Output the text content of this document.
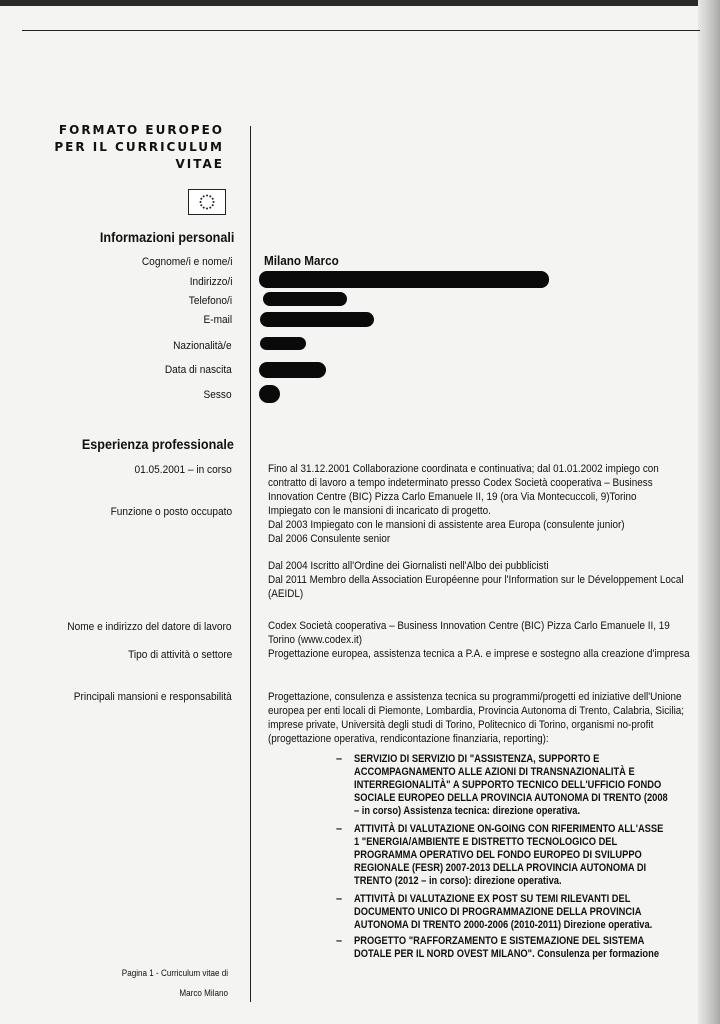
FORMATO EUROPEO
PER IL CURRICULUM
VITAE
Informazioni personali
Cognome/i e nome/i
Indirizzo/i
Telefono/i
E-mail
Nazionalità/e
Data di nascita
Sesso
Milano Marco
Esperienza professionale
01.05.2001 – in corso
Funzione o posto occupato
Nome e indirizzo del datore di lavoro
Tipo di attività o settore
Principali mansioni e responsabilità
Fino al 31.12.2001 Collaborazione coordinata e continuativa; dal 01.01.2002 impiego con
contratto di lavoro a tempo indeterminato presso Codex Società cooperativa – Business
Innovation Centre (BIC) Pizza Carlo Emanuele II, 19 (ora Via Montecuccoli, 9)Torino
Impiegato con le mansioni di incaricato di progetto.
Dal 2003 Impiegato con le mansioni di assistente area Europa (consulente junior)
Dal 2006 Consulente senior
Dal 2004 Iscritto all'Ordine dei Giornalisti nell'Albo dei pubblicisti
Dal 2011 Membro della Association Européenne pour l'Information sur le Développement Local
(AEIDL)
Codex Società cooperativa – Business Innovation Centre (BIC) Pizza Carlo Emanuele II, 19
Torino (www.codex.it)
Progettazione europea, assistenza tecnica a P.A. e imprese e sostegno alla creazione d'impresa
Progettazione, consulenza e assistenza tecnica su programmi/progetti ed iniziative dell'Unione
europea per enti locali di Piemonte, Lombardia, Provincia Autonoma di Trento, Calabria, Sicilia;
imprese private, Università degli studi di Torino, Politecnico di Torino, organismi no-profit
(progettazione operativa, rendicontazione finanziaria, reporting):
– SERVIZIO DI SERVIZIO DI "ASSISTENZA, SUPPORTO E
ACCOMPAGNAMENTO ALLE AZIONI DI TRANSNAZIONALITÀ E
INTERREGIONALITÀ" A SUPPORTO TECNICO DELL'UFFICIO FONDO
SOCIALE EUROPEO DELLA PROVINCIA AUTONOMA DI TRENTO (2008
– in corso) Assistenza tecnica: direzione operativa.
– ATTIVITÀ DI VALUTAZIONE ON-GOING CON RIFERIMENTO ALL'ASSE
1 "ENERGIA/AMBIENTE E DISTRETTO TECNOLOGICO DEL
PROGRAMMA OPERATIVO DEL FONDO EUROPEO DI SVILUPPO
REGIONALE (FESR) 2007-2013 DELLA PROVINCIA AUTONOMA DI
TRENTO (2012 – in corso): direzione operativa.
– ATTIVITÀ DI VALUTAZIONE EX POST SU TEMI RILEVANTI DEL
DOCUMENTO UNICO DI PROGRAMMAZIONE DELLA PROVINCIA
AUTONOMA DI TRENTO 2000-2006 (2010-2011) Direzione operativa.
– PROGETTO "RAFFORZAMENTO E SISTEMAZIONE DEL SISTEMA
DOTALE PER IL NORD OVEST MILANO". Consulenza per formazione
Pagina 1 - Curriculum vitae di
Marco Milano
